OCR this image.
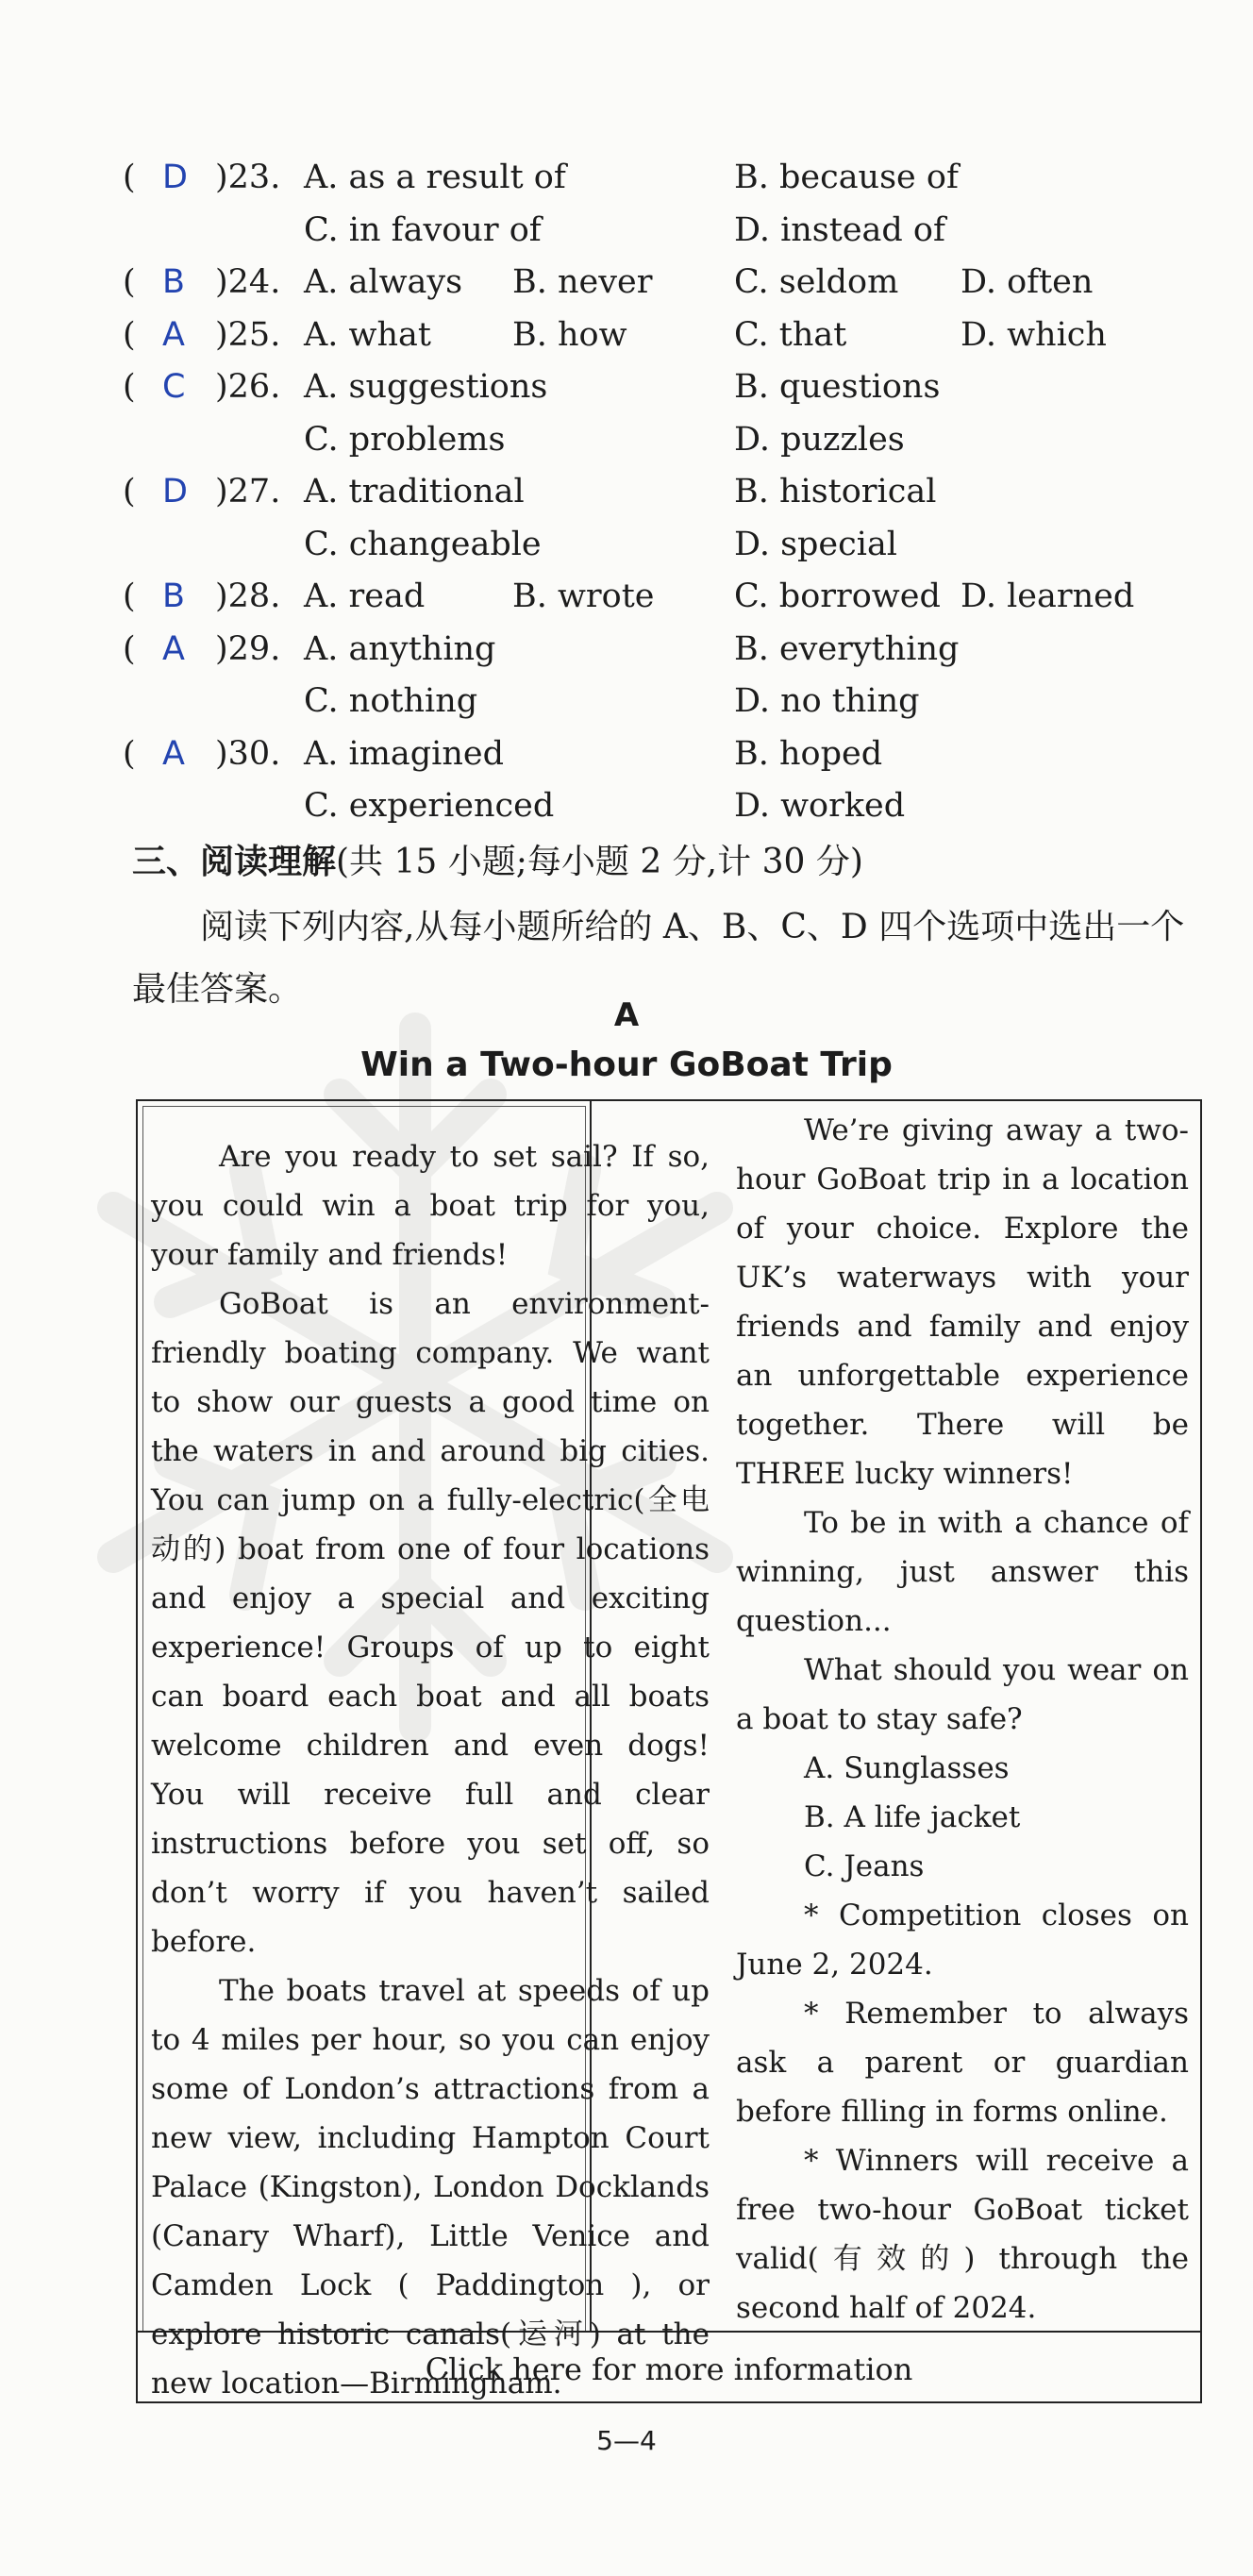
( D )23. A. as a result of	B. because of
C. in favour of	D. instead of
( B )24. A. always B. never C. seldom D. often
( A )25. A. what B. how	C. that	D. which
( C )26. A. suggestions	B. questions
C. problems	D. puzzles
( D )27. A. traditional	B. historical
C. changeable	D. special
( B )28. A. read	B. wrote C. borrowed D. learned
( A )29. A. anything	B. everything
C. nothing	D. no thing
( A )30. A. imagined	B. hoped
C. experienced	D. worked
三、阅读理解(共 15 小题;每小题 2 分,计 30 分)
阅读下列内容,从每小题所给的 A、B、C、D 四个选项中选出一个最佳答案。
A
Win a Two-hour GoBoat Trip

Are you ready to set sail? If so, you could win a boat trip for you, your family and friends!

GoBoat is an environment-friendly boating company. We want to show our guests a good time on the waters in and around big cities. You can jump on a fully-electric(全电动的) boat from one of four locations and enjoy a special and exciting experience! Groups of up to eight can board each boat and all boats welcome children and even dogs! You will receive full and clear instructions before you set off, so don’t worry if you haven’t sailed before.

The boats travel at speeds of up to 4 miles per hour, so you can enjoy some of London’s attractions from a new view, including Hampton Court Palace (Kingston), London Docklands (Canary Wharf), Little Venice and Camden Lock ( Paddington ), or explore historic canals(运河) at the new location—Birmingham.

We’re giving away a two-hour GoBoat trip in a location of your choice. Explore the UK’s waterways with your friends and family and enjoy an unforgettable experience together. There will be THREE lucky winners!

To be in with a chance of winning, just answer this question...

What should you wear on a boat to stay safe?

A. Sunglasses

B. A life jacket

C. Jeans

* Competition closes on June 2, 2024.

* Remember to always ask a parent or guardian before filling in forms online.

* Winners will receive a free two-hour GoBoat ticket valid(有效的) through the second half of 2024.

Click here for more information
5—4
